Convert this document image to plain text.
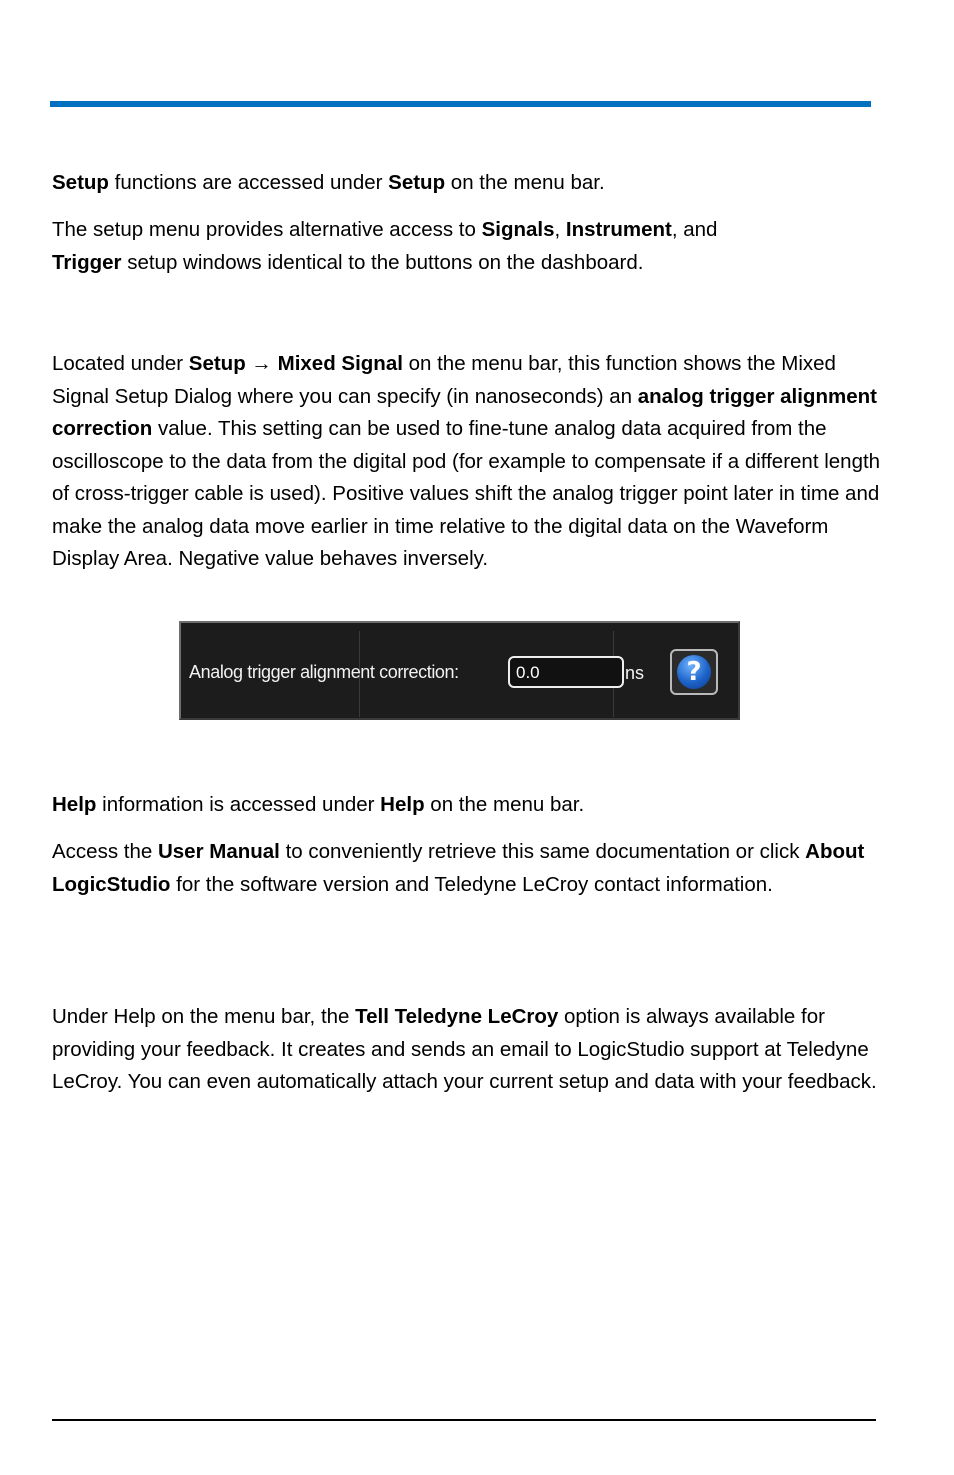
Setup functions are accessed under Setup on the menu bar.

The setup menu provides alternative access to Signals, Instrument, and
Trigger setup windows identical to the buttons on the dashboard.

Located under Setup → Mixed Signal on the menu bar, this function shows the Mixed Signal Setup Dialog where you can specify (in nanoseconds) an analog trigger alignment correction value. This setting can be used to fine-tune analog data acquired from the oscilloscope to the data from the digital pod (for example to compensate if a different length of cross-trigger cable is used). Positive values shift the analog trigger point later in time and make the analog data move earlier in time relative to the digital data on the Waveform Display Area. Negative value behaves inversely.

Analog trigger alignment correction:
0.0	ns	?

Help information is accessed under Help on the menu bar.

Access the User Manual to conveniently retrieve this same documentation or click About LogicStudio for the software version and Teledyne LeCroy contact information.

Under Help on the menu bar, the Tell Teledyne LeCroy option is always available for providing your feedback. It creates and sends an email to LogicStudio support at Teledyne LeCroy. You can even automatically attach your current setup and data with your feedback.
